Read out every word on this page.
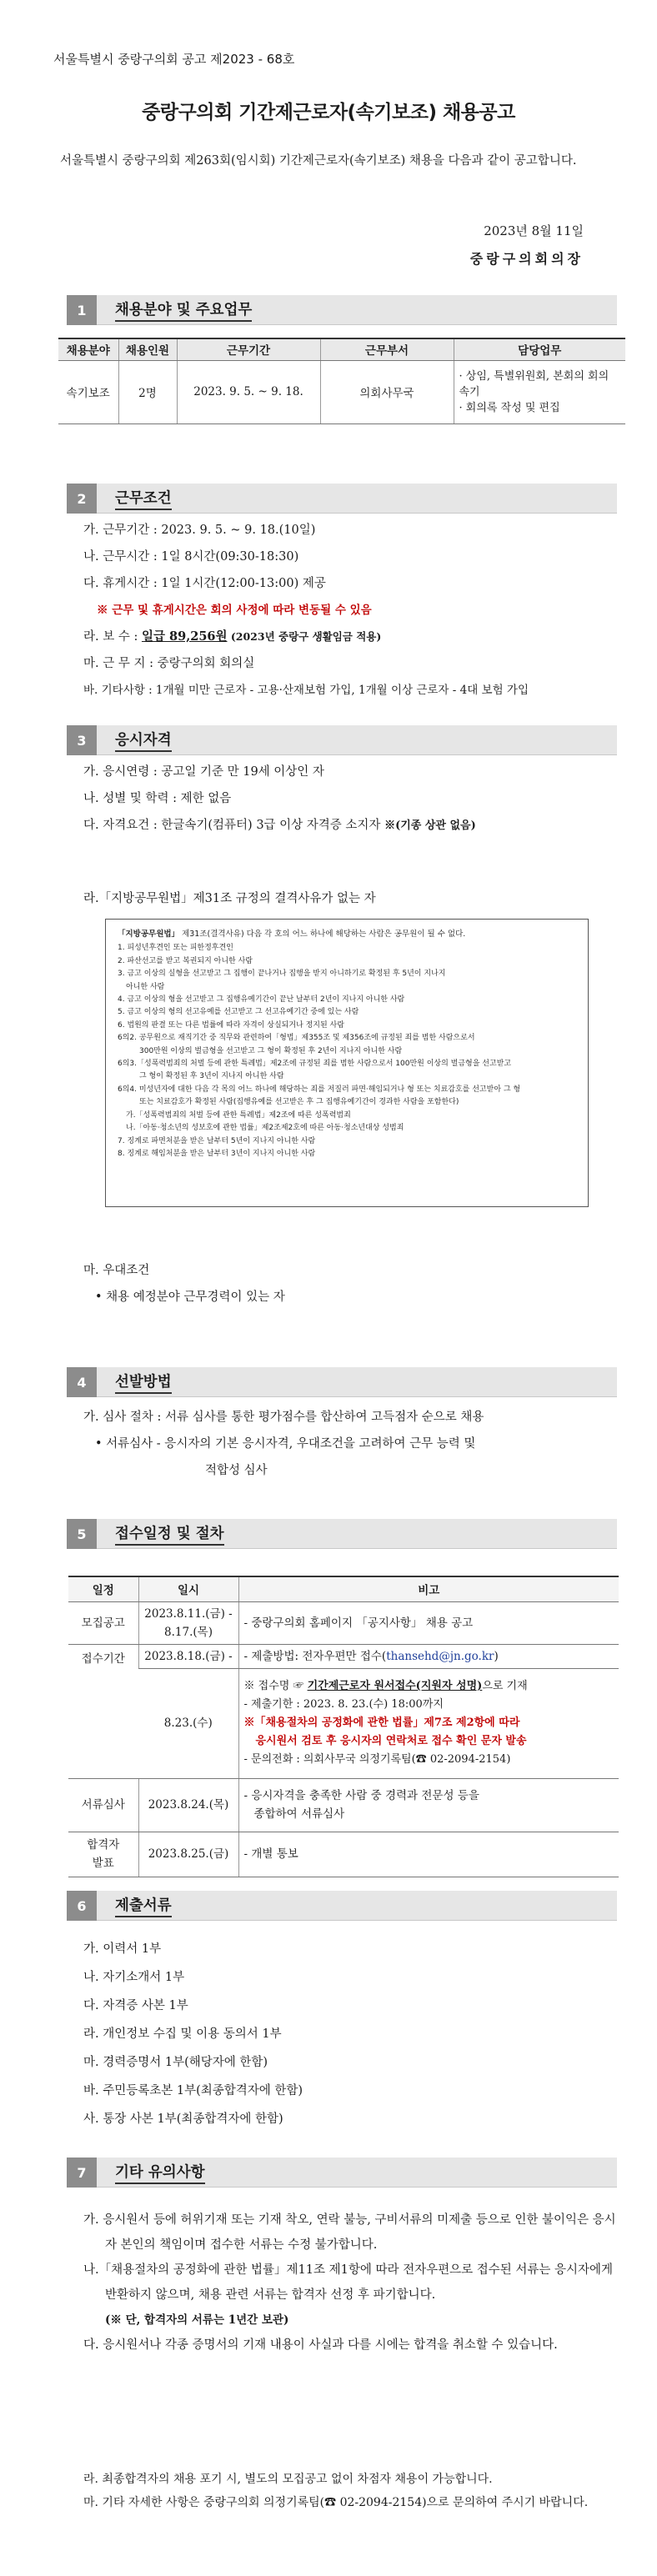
서울특별시 중랑구의회 공고 제2023 - 68호
중랑구의회 기간제근로자(속기보조) 채용공고
서울특별시 중랑구의회 제263회(임시회) 기간제근로자(속기보조) 채용을 다음과 같이 공고합니다.
2023년 8월 11일
중랑구의회의장
1	채용분야 및 주요업무
채용분야	채용인원	근무기간	근무부서	담당업무
속기보조	2명	2023. 9. 5. ~ 9. 18.	의회사무국	· 상임, 특별위원회, 본회의 회의 속기
· 회의록 작성 및 편집
2	근무조건
가. 근무기간 : 2023. 9. 5. ~ 9. 18.(10일)
나. 근무시간 : 1일 8시간(09:30-18:30)
다. 휴게시간 : 1일 1시간(12:00-13:00) 제공
※ 근무 및 휴게시간은 회의 사정에 따라 변동될 수 있음
라. 보 수 : 일급 89,256원 (2023년 중랑구 생활임금 적용)
마. 근 무 지 : 중랑구의회 회의실
바. 기타사항 : 1개월 미만 근로자 - 고용·산재보험 가입, 1개월 이상 근로자 - 4대 보험 가입
3	응시자격
가. 응시연령 : 공고일 기준 만 19세 이상인 자
나. 성별 및 학력 : 제한 없음
다. 자격요건 : 한글속기(컴퓨터) 3급 이상 자격증 소지자 ※(기종 상관 없음)
라.「지방공무원법」제31조 규정의 결격사유가 없는 자
「지방공무원법」 제31조(결격사유) 다음 각 호의 어느 하나에 해당하는 사람은 공무원이 될 수 없다.
1. 피성년후견인 또는 피한정후견인
2. 파산선고를 받고 복권되지 아니한 사람
3. 금고 이상의 실형을 선고받고 그 집행이 끝나거나 집행을 받지 아니하기로 확정된 후 5년이 지나지
아니한 사람
4. 금고 이상의 형을 선고받고 그 집행유예기간이 끝난 날부터 2년이 지나지 아니한 사람
5. 금고 이상의 형의 선고유예를 선고받고 그 선고유예기간 중에 있는 사람
6. 법원의 판결 또는 다른 법률에 따라 자격이 상실되거나 정지된 사람
6의2. 공무원으로 재직기간 중 직무와 관련하여「형법」제355조 및 제356조에 규정된 죄를 범한 사람으로서
300만원 이상의 벌금형을 선고받고 그 형이 확정된 후 2년이 지나지 아니한 사람
6의3.「성폭력범죄의 처벌 등에 관한 특례법」제2조에 규정된 죄를 범한 사람으로서 100만원 이상의 벌금형을 선고받고
그 형이 확정된 후 3년이 지나지 아니한 사람
6의4. 미성년자에 대한 다음 각 목의 어느 하나에 해당하는 죄를 저질러 파면·해임되거나 형 또는 치료감호를 선고받아 그 형
또는 치료감호가 확정된 사람(집행유예를 선고받은 후 그 집행유예기간이 경과한 사람을 포함한다)
가.「성폭력범죄의 처벌 등에 관한 특례법」제2조에 따른 성폭력범죄
나.「아동·청소년의 성보호에 관한 법률」제2조제2호에 따른 아동·청소년대상 성범죄
7. 징계로 파면처분을 받은 날부터 5년이 지나지 아니한 사람
8. 징계로 해임처분을 받은 날부터 3년이 지나지 아니한 사람
마. 우대조건
• 채용 예정분야 근무경력이 있는 자
4	선발방법
가. 심사 절차 : 서류 심사를 통한 평가점수를 합산하여 고득점자 순으로 채용
• 서류심사 - 응시자의 기본 응시자격, 우대조건을 고려하여 근무 능력 및
적합성 심사
5	접수일정 및 절차
일정	일시	비고
모집공고	2023.8.11.(금) -
8.17.(목)	- 중랑구의회 홈페이지 「공지사항」 채용 공고
접수기간	2023.8.18.(금) -	- 제출방법: 전자우편만 접수(thansehd@jn.go.kr)
	8.23.(수)	※ 접수명 ☞ 기간제근로자 원서접수(지원자 성명)으로 기재
- 제출기한 : 2023. 8. 23.(수) 18:00까지
※「채용절차의 공정화에 관한 법률」제7조 제2항에 따라
응시원서 검토 후 응시자의 연락처로 접수 확인 문자 발송
- 문의전화 : 의회사무국 의정기록팀(☎ 02-2094-2154)

서류심사	2023.8.24.(목)	- 응시자격을 충족한 사람 중 경력과 전문성 등을
종합하여 서류심사

합격자
발표	2023.8.25.(금)	- 개별 통보
6	제출서류
가. 이력서 1부
나. 자기소개서 1부
다. 자격증 사본 1부
라. 개인정보 수집 및 이용 동의서 1부
마. 경력증명서 1부(해당자에 한함)
바. 주민등록초본 1부(최종합격자에 한함)
사. 통장 사본 1부(최종합격자에 한함)
7	기타 유의사항
가. 응시원서 등에 허위기재 또는 기재 착오, 연락 불능, 구비서류의 미제출 등으로 인한 불이익은 응시자 본인의 책임이며 접수한 서류는 수정 불가합니다.
나.「채용절차의 공정화에 관한 법률」제11조 제1항에 따라 전자우편으로 접수된 서류는 응시자에게 반환하지 않으며, 채용 관련 서류는 합격자 선정 후 파기합니다.
(※ 단, 합격자의 서류는 1년간 보관)
다. 응시원서나 각종 증명서의 기재 내용이 사실과 다를 시에는 합격을 취소할 수 있습니다.
라. 최종합격자의 채용 포기 시, 별도의 모집공고 없이 차점자 채용이 가능합니다.
마. 기타 자세한 사항은 중랑구의회 의정기록팀(☎ 02-2094-2154)으로 문의하여 주시기 바랍니다.
